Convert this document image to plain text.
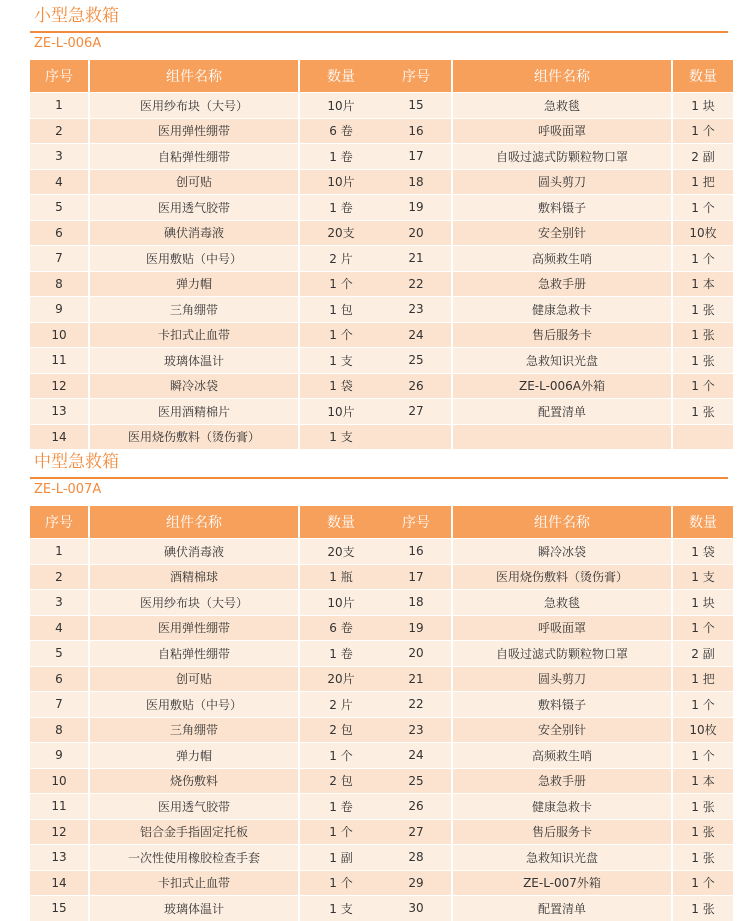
小型急救箱
ZE-L-006A
序号	组件名称	数量
1	医用纱布块（大号）	10片
2	医用弹性绷带	6 卷
3	自粘弹性绷带	1 卷
4	创可贴	10片
5	医用透气胶带	1 卷
6	碘伏消毒液	20支
7	医用敷贴（中号）	2 片
8	弹力帽	1 个
9	三角绷带	1 包
10	卡扣式止血带	1 个
11	玻璃体温计	1 支
12	瞬冷冰袋	1 袋
13	医用酒精棉片	10片
14	医用烧伤敷料（烫伤膏）	1 支
序号	组件名称	数量
15	急救毯	1 块
16	呼吸面罩	1 个
17	自吸过滤式防颗粒物口罩	2 副
18	圆头剪刀	1 把
19	敷料镊子	1 个
20	安全别针	10枚
21	高频救生哨	1 个
22	急救手册	1 本
23	健康急救卡	1 张
24	售后服务卡	1 张
25	急救知识光盘	1 张
26	ZE-L-006A外箱	1 个
27	配置清单	1 张

中型急救箱
ZE-L-007A
序号	组件名称	数量
1	碘伏消毒液	20支
2	酒精棉球	1 瓶
3	医用纱布块（大号）	10片
4	医用弹性绷带	6 卷
5	自粘弹性绷带	1 卷
6	创可贴	20片
7	医用敷贴（中号）	2 片
8	三角绷带	2 包
9	弹力帽	1 个
10	烧伤敷料	2 包
11	医用透气胶带	1 卷
12	铝合金手指固定托板	1 个
13	一次性使用橡胶检查手套	1 副
14	卡扣式止血带	1 个
15	玻璃体温计	1 支
序号	组件名称	数量
16	瞬冷冰袋	1 袋
17	医用烧伤敷料（烫伤膏）	1 支
18	急救毯	1 块
19	呼吸面罩	1 个
20	自吸过滤式防颗粒物口罩	2 副
21	圆头剪刀	1 把
22	敷料镊子	1 个
23	安全别针	10枚
24	高频救生哨	1 个
25	急救手册	1 本
26	健康急救卡	1 张
27	售后服务卡	1 张
28	急救知识光盘	1 张
29	ZE-L-007外箱	1 个
30	配置清单	1 张
